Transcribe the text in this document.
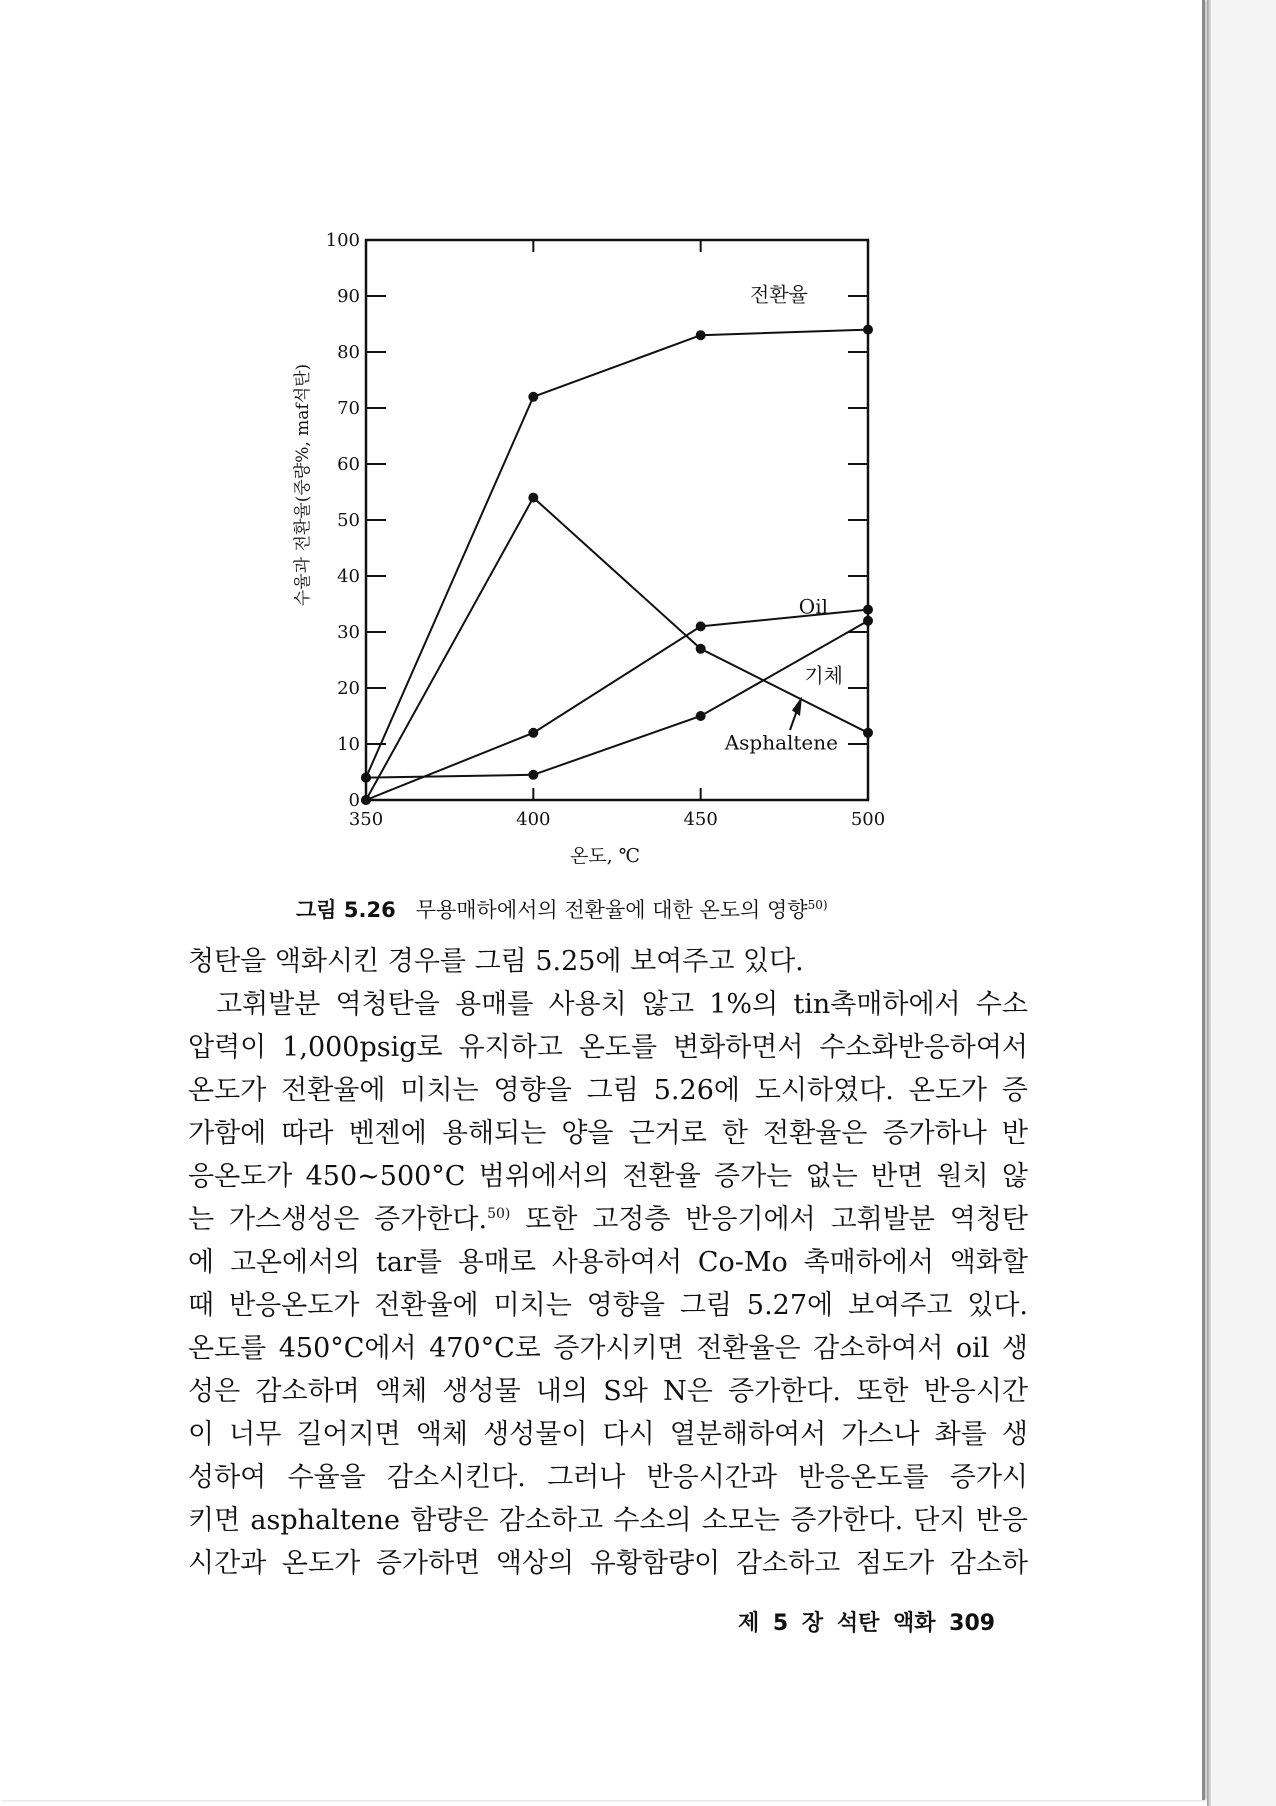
0
10
20
30
40
50
60
70
80
90
100
350	400	450	500
전환율
Oil
기체
Asphaltene
수율과 전환율(중량%, maf석탄)
온도, ℃
그림 5.26 무용매하에서의 전환율에 대한 온도의 영향$^{50)}$
청탄을 액화시킨 경우를 그림 5.25에 보여주고 있다.
고휘발분 역청탄을 용매를 사용치 않고 1%의 tin촉매하에서 수소
압력이 1,000psig로 유지하고 온도를 변화하면서 수소화반응하여서
온도가 전환율에 미치는 영향을 그림 5.26에 도시하였다. 온도가 증
가함에 따라 벤젠에 용해되는 양을 근거로 한 전환율은 증가하나 반
응온도가 450∼500°C 범위에서의 전환율 증가는 없는 반면 원치 않
는 가스생성은 증가한다.$^{50)}$ 또한 고정층 반응기에서 고휘발분 역청탄
에 고온에서의 tar를 용매로 사용하여서 Co-Mo 촉매하에서 액화할
때 반응온도가 전환율에 미치는 영향을 그림 5.27에 보여주고 있다.
온도를 450°C에서 470°C로 증가시키면 전환율은 감소하여서 oil 생
성은 감소하며 액체 생성물 내의 S와 N은 증가한다. 또한 반응시간
이 너무 길어지면 액체 생성물이 다시 열분해하여서 가스나 촤를 생
성하여 수율을 감소시킨다. 그러나 반응시간과 반응온도를 증가시
키면 asphaltene 함량은 감소하고 수소의 소모는 증가한다. 단지 반응
시간과 온도가 증가하면 액상의 유황함량이 감소하고 점도가 감소하
제 5 장 석탄 액화 309
